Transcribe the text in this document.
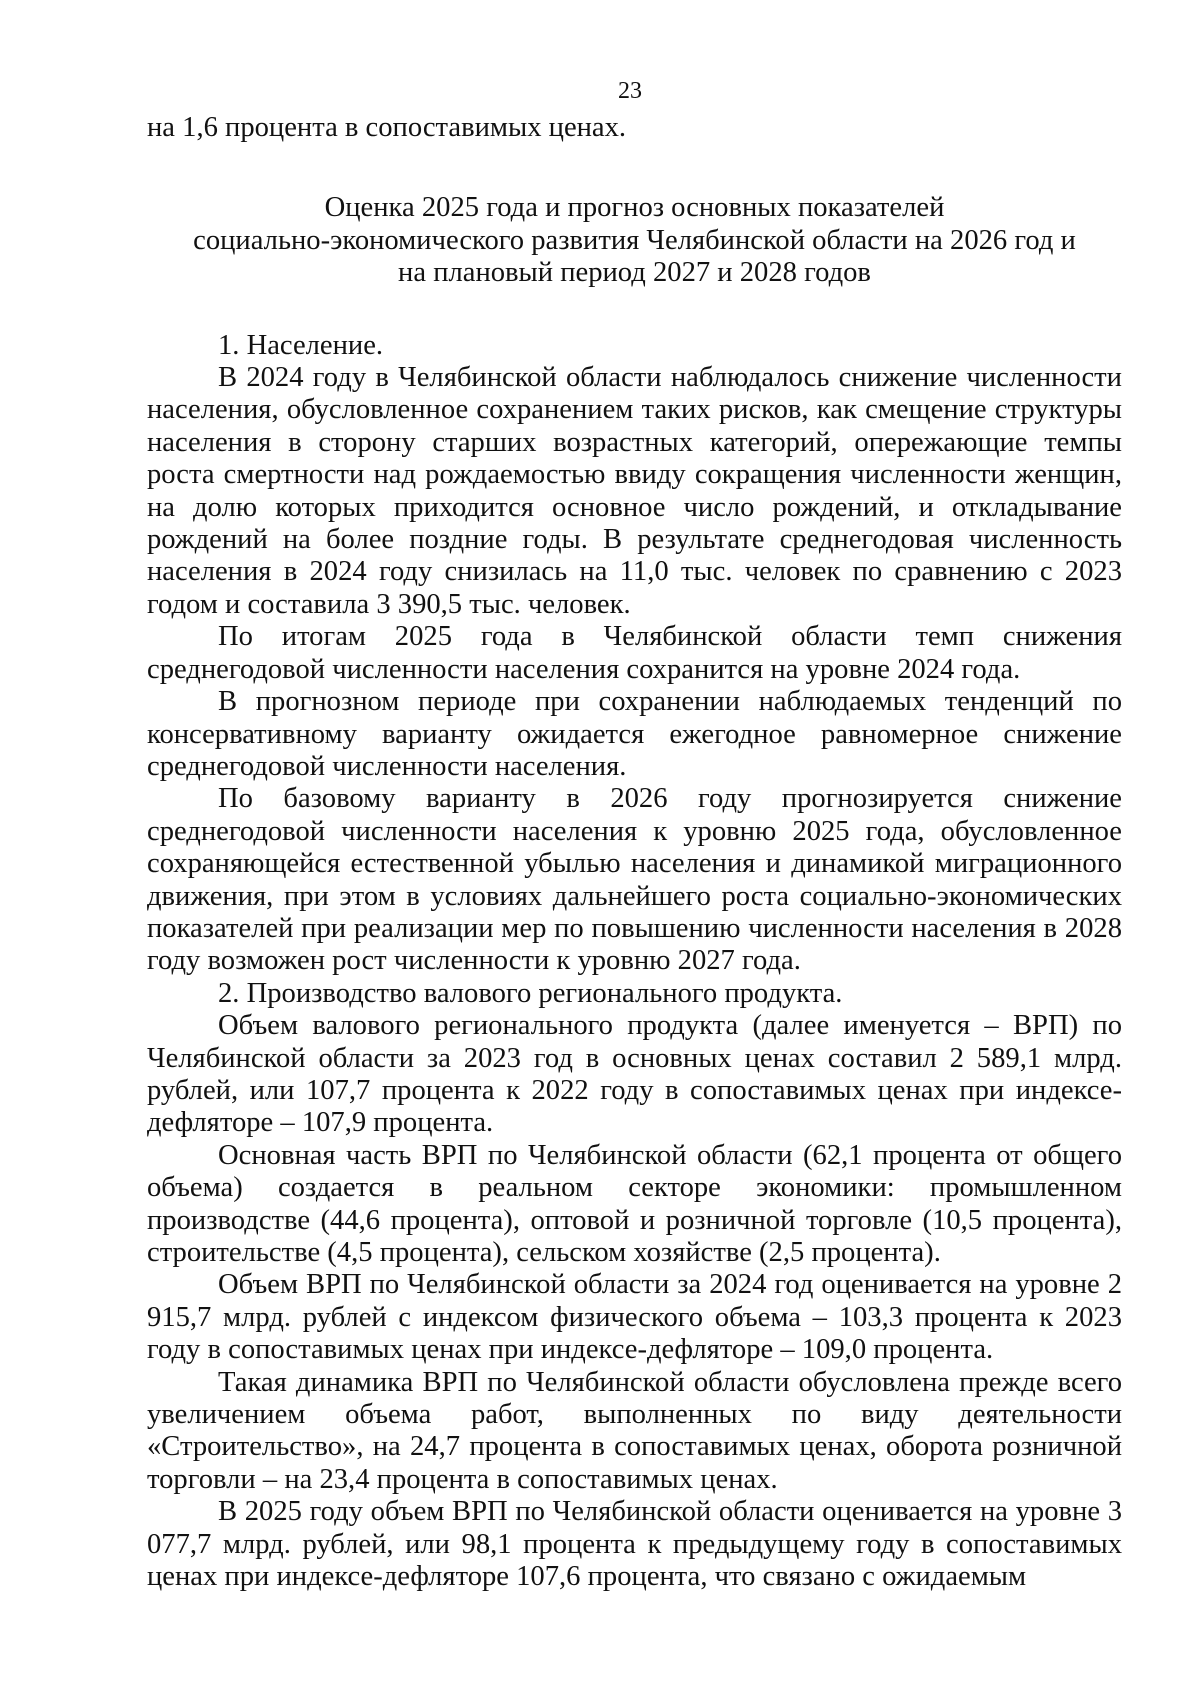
23

на 1,6 процента в сопоставимых ценах.

Оценка 2025 года и прогноз основных показателей
социально-экономического развития Челябинской области на 2026 год и
на плановый период 2027 и 2028 годов

1. Население.

В 2024 году в Челябинской области наблюдалось снижение численности населения, обусловленное сохранением таких рисков, как смещение структуры населения в сторону старших возрастных категорий, опережающие темпы роста смертности над рождаемостью ввиду сокращения численности женщин, на долю которых приходится основное число рождений, и откладывание рождений на более поздние годы. В результате среднегодовая численность населения в 2024 году снизилась на 11,0 тыс. человек по сравнению с 2023 годом и составила 3 390,5 тыс. человек.

По итогам 2025 года в Челябинской области темп снижения среднегодовой численности населения сохранится на уровне 2024 года.

В прогнозном периоде при сохранении наблюдаемых тенденций по консервативному варианту ожидается ежегодное равномерное снижение среднегодовой численности населения.

По базовому варианту в 2026 году прогнозируется снижение среднегодовой численности населения к уровню 2025 года, обусловленное сохраняющейся естественной убылью населения и динамикой миграционного движения, при этом в условиях дальнейшего роста социально-экономических показателей при реализации мер по повышению численности населения в 2028 году возможен рост численности к уровню 2027 года.

2. Производство валового регионального продукта.

Объем валового регионального продукта (далее именуется – ВРП) по Челябинской области за 2023 год в основных ценах составил 2 589,1 млрд. рублей, или 107,7 процента к 2022 году в сопоставимых ценах при индексе-дефляторе – 107,9 процента.

Основная часть ВРП по Челябинской области (62,1 процента от общего объема) создается в реальном секторе экономики: промышленном производстве (44,6 процента), оптовой и розничной торговле (10,5 процента), строительстве (4,5 процента), сельском хозяйстве (2,5 процента).

Объем ВРП по Челябинской области за 2024 год оценивается на уровне 2 915,7 млрд. рублей с индексом физического объема – 103,3 процента к 2023 году в сопоставимых ценах при индексе-дефляторе – 109,0 процента.

Такая динамика ВРП по Челябинской области обусловлена прежде всего увеличением объема работ, выполненных по виду деятельности «Строительство», на 24,7 процента в сопоставимых ценах, оборота розничной торговли – на 23,4 процента в сопоставимых ценах.

В 2025 году объем ВРП по Челябинской области оценивается на уровне 3 077,7 млрд. рублей, или 98,1 процента к предыдущему году в сопоставимых ценах при индексе-дефляторе 107,6 процента, что связано с ожидаемым
